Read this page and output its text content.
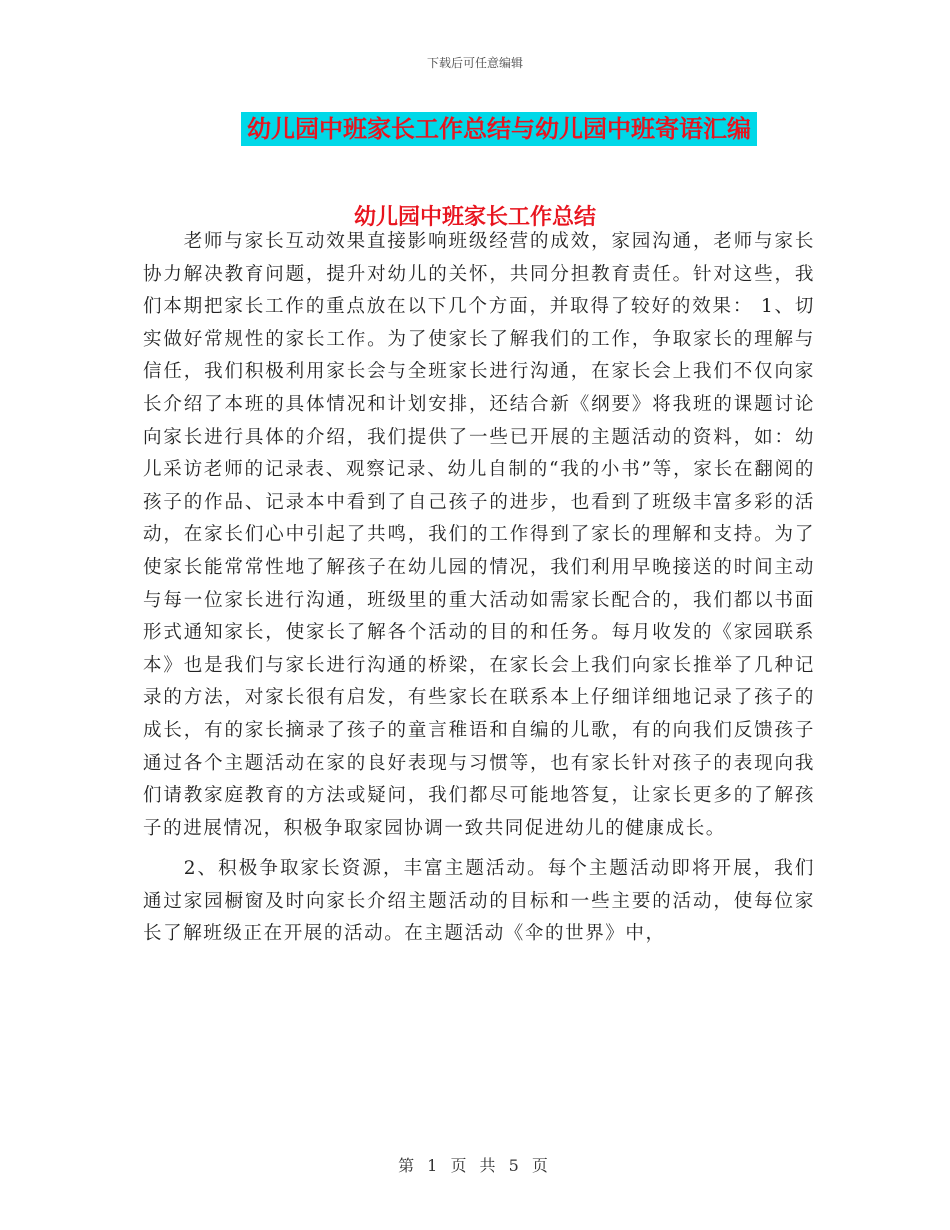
下载后可任意编辑
幼儿园中班家长工作总结与幼儿园中班寄语汇编
幼儿园中班家长工作总结

老师与家长互动效果直接影响班级经营的成效，家园沟通，老师与家长协力解决教育问题，提升对幼儿的关怀，共同分担教育责任。针对这些，我们本期把家长工作的重点放在以下几个方面，并取得了较好的效果： 1、切实做好常规性的家长工作。为了使家长了解我们的工作，争取家长的理解与信任，我们积极利用家长会与全班家长进行沟通，在家长会上我们不仅向家长介绍了本班的具体情况和计划安排，还结合新《纲要》将我班的课题讨论向家长进行具体的介绍，我们提供了一些已开展的主题活动的资料，如：幼儿采访老师的记录表、观察记录、幼儿自制的“我的小书”等，家长在翻阅的孩子的作品、记录本中看到了自己孩子的进步，也看到了班级丰富多彩的活动，在家长们心中引起了共鸣，我们的工作得到了家长的理解和支持。为了使家长能常常性地了解孩子在幼儿园的情况，我们利用早晚接送的时间主动与每一位家长进行沟通，班级里的重大活动如需家长配合的，我们都以书面形式通知家长，使家长了解各个活动的目的和任务。每月收发的《家园联系本》也是我们与家长进行沟通的桥梁，在家长会上我们向家长推举了几种记录的方法，对家长很有启发，有些家长在联系本上仔细详细地记录了孩子的成长，有的家长摘录了孩子的童言稚语和自编的儿歌，有的向我们反馈孩子通过各个主题活动在家的良好表现与习惯等，也有家长针对孩子的表现向我们请教家庭教育的方法或疑问，我们都尽可能地答复，让家长更多的了解孩子的进展情况，积极争取家园协调一致共同促进幼儿的健康成长。

2、积极争取家长资源，丰富主题活动。每个主题活动即将开展，我们通过家园橱窗及时向家长介绍主题活动的目标和一些主要的活动，使每位家长了解班级正在开展的活动。在主题活动《伞的世界》中，

第 1 页 共 5 页
